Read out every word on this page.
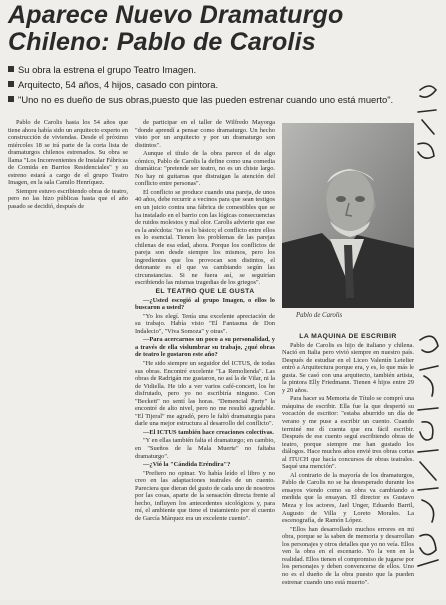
Aparece Nuevo Dramaturgo
Chileno: Pablo de Carolis
Su obra la estrena el grupo Teatro Imagen.
Arquitecto, 54 años, 4 hijos, casado con pintora.
"Uno no es dueño de sus obras,puesto que las pueden estrenar cuando uno está muerto".

Pablo de Carolis hasta los 54 años que tiene ahora había sido un arquitecto experto en construcción de viviendas. Desde el próximo miércoles 18 se irá parte de la corta lista de dramaturgos chilenos estrenados. Su obra se llama "Los Inconvenientes de Instalar Fábricas de Comida en Barrios Residenciales" y su estreno estará a cargo de el grupo Teatro Imagen, en la sala Camilo Henríquez.

Siempre estuvo escribiendo obras de teatro, pero no las hizo públicas hasta que el año pasado se decidió, después de

de participar en el taller de Wilfredo Mayorga "donde aprendí a pensar como dramaturgo. Un hecho visto por un arquitecto y por un dramaturgo son distintos".

Aunque el título de la obra parece el de algo cómico, Pablo de Carolis la define como una comedia dramática: "pretende ser teatro, no es un chiste largo. No hay ni guitarras que distraigan la atención del conflicto entre personas".

El conflicto se produce cuando una pareja, de unos 40 años, debe recurrir a vecinos para que sean testigos en un juicio contra una fábrica de comestibles que se ha instalado en el barrio con las lógicas consecuencias de ruidos molestos y mal olor. Carolis advierte que ese es la anécdota: "no es lo básico; el conflicto entre ellos es lo esencial. Tienen los problemas de las parejas chilenas de esa edad, ahora. Porque los conflictos de pareja son desde siempre los mismos, pero los ingredientes que los provocan son distintos, el detonante es el que va cambiando según las circunstancias. Si ne fuera así, se seguirían escribiendo las mismas tragedias de los griegos".

EL TEATRO QUE LE GUSTA

—¿Usted escogió al grupo Imagen, o ellos lo buscaron a usted?

"Yo los elegí. Tenía una excelente apreciación de su trabajo. Había visto "El Fantasma de Don Indalecio", "Viva Somoza" y otras".

—Para acercarnos un poco a su personalidad, y a través de ella vislumbrar su trabajo, ¿qué obras de teatro le gustaron este año?

"He sido siempre un seguidor del ICTUS, de todas sus obras. Encontré excelente "La Remolienda". Las obras de Radrigán me gustaron, no así la de Vilar, ni la de Vidiella. He ido a ver varios café-concert, los he disfrutado, pero yo no escribiría ninguno. Con "Beckett" no sentí las horas. "Demencial Party" la encontré de alto nivel, pero no me resultó agradable. "El Tijeral" me agradó, pero le faltó dramaturgia para darle una mejor estructura al desarrollo del conflicto".

—El ICTUS también hace creaciones colectivas.

"Y en ellas también falta el dramaturgo; en cambio, en "Sueños de la Mala Muerte" no faltaba dramaturgo".

—¿Vió la "Cándida Eréndira"?

"Prefiero no opinar. Yo había leído el libro y no creo en las adaptaciones teatrales de un cuento. Pareciera que dieran del gusto de cada uno de nosotros por las cosas, aparte de la sensación directa frente al hecho, influyen los antecedentes sicológicos y, para mí, el ambiente que tiene el tratamiento por el cuento de García Márquez era un excelente cuento".

Pablo de Carolis

LA MAQUINA DE ESCRIBIR

Pablo de Carolis es hijo de italiano y chilena. Nació en Italia pero vivió siempre en nuestro país. Después de estudiar en el Liceo Valentín Letelier entró a Arquitectura porque era, y es, lo que más le gusta. Se casó con una arquitecto, también artista, la pintora Elly Friedmann. Tienen 4 hijos entre 29 y 20 años.

Para hacer su Memoria de Título se compró una máquina de escribir. Ella fue la que despertó su vocación de escritor: "estaba aburrido un día de verano y me puse a escribir un cuento. Cuando terminé me dí cuenta que era fácil escribir. Después de ese cuento seguí escribiendo obras de teatro, porque siempre me han gustado los diálogos. Hace muchos años envié tres obras cortas al ITUCH que hacía concursos de obras teatrales. Saqué una mención".

Al contrario de la mayoría de los dramaturgos, Pablo de Carolis no se ha desesperado durante los ensayos viendo como su obra va cambiando a medida que la ensayan. El director es Gustavo Meza y los actores, Jael Unger, Eduardo Barril, Augusto de Villa y Loreto Morales. La escenografía, de Ramón López.

"Ellos han desarrollado muchos errores en mi obra, porque se la saben de memoria y desarrollan los personajes y otros detalles que yo no veía. Ellos ven la obra en el escenario. Yo la ven en la realidad. Ellos tienen el compromiso de jugarse por los personajes y deben convencerse de ellos. Uno no es el dueño de la obra puesto que la pueden estrenar cuando uno está muerto".
